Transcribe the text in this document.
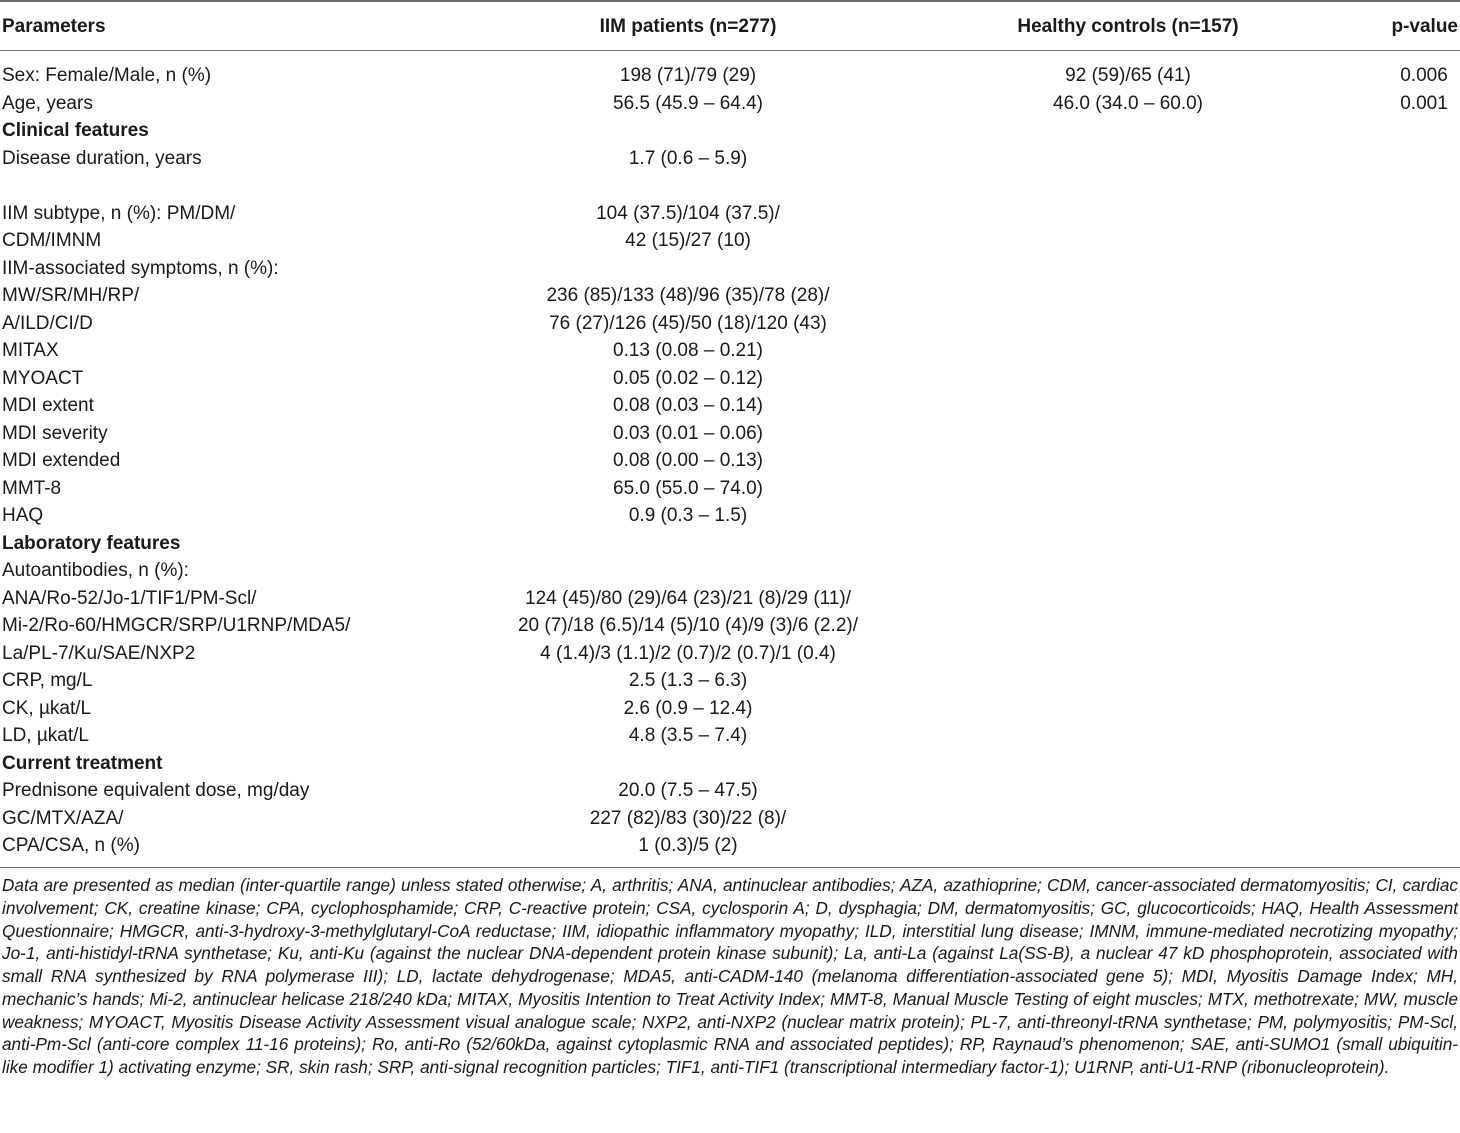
Parameters	IIM patients (n=277)	Healthy controls (n=157)	p-value
Sex: Female/Male, n (%)	198 (71)/79 (29)	92 (59)/65 (41)	0.006
Age, years	56.5 (45.9 – 64.4)	46.0 (34.0 – 60.0)	0.001
Clinical features
Disease duration, years	1.7 (0.6 – 5.9)
IIM subtype, n (%): PM/DM/	104 (37.5)/104 (37.5)/
CDM/IMNM	42 (15)/27 (10)
IIM-associated symptoms, n (%):
MW/SR/MH/RP/	236 (85)/133 (48)/96 (35)/78 (28)/
A/ILD/CI/D	76 (27)/126 (45)/50 (18)/120 (43)
MITAX	0.13 (0.08 – 0.21)
MYOACT	0.05 (0.02 – 0.12)
MDI extent	0.08 (0.03 – 0.14)
MDI severity	0.03 (0.01 – 0.06)
MDI extended	0.08 (0.00 – 0.13)
MMT-8	65.0 (55.0 – 74.0)
HAQ	0.9 (0.3 – 1.5)
Laboratory features
Autoantibodies, n (%):
ANA/Ro-52/Jo-1/TIF1/PM-Scl/	124 (45)/80 (29)/64 (23)/21 (8)/29 (11)/
Mi-2/Ro-60/HMGCR/SRP/U1RNP/MDA5/	20 (7)/18 (6.5)/14 (5)/10 (4)/9 (3)/6 (2.2)/
La/PL-7/Ku/SAE/NXP2	4 (1.4)/3 (1.1)/2 (0.7)/2 (0.7)/1 (0.4)
CRP, mg/L	2.5 (1.3 – 6.3)
CK, µkat/L	2.6 (0.9 – 12.4)
LD, µkat/L	4.8 (3.5 – 7.4)
Current treatment
Prednisone equivalent dose, mg/day	20.0 (7.5 – 47.5)
GC/MTX/AZA/	227 (82)/83 (30)/22 (8)/
CPA/CSA, n (%)	1 (0.3)/5 (2)
Data are presented as median (inter-quartile range) unless stated otherwise; A, arthritis; ANA, antinuclear antibodies; AZA, azathioprine; CDM, cancer-associated dermatomyositis; CI, cardiac involvement; CK, creatine kinase; CPA, cyclophosphamide; CRP, C-reactive protein; CSA, cyclosporin A; D, dysphagia; DM, dermatomyositis; GC, glucocorticoids; HAQ, Health Assessment Questionnaire; HMGCR, anti-3-hydroxy-3-methylglutaryl-CoA reductase; IIM, idiopathic inflammatory myopathy; ILD, interstitial lung disease; IMNM, immune-mediated necrotizing myopathy; Jo-1, anti-histidyl-tRNA synthetase; Ku, anti-Ku (against the nuclear DNA-dependent protein kinase subunit); La, anti-La (against La(SS-B), a nuclear 47 kD phosphoprotein, associated with small RNA synthesized by RNA polymerase III); LD, lactate dehydrogenase; MDA5, anti-CADM-140 (melanoma differentiation-associated gene 5); MDI, Myositis Damage Index; MH, mechanic’s hands; Mi-2, antinuclear helicase 218/240 kDa; MITAX, Myositis Intention to Treat Activity Index; MMT-8, Manual Muscle Testing of eight muscles; MTX, methotrexate; MW, muscle weakness; MYOACT, Myositis Disease Activity Assessment visual analogue scale; NXP2, anti-NXP2 (nuclear matrix protein); PL-7, anti-threonyl-tRNA synthetase; PM, polymyositis; PM-Scl, anti-Pm-Scl (anti-core complex 11-16 proteins); Ro, anti-Ro (52/60kDa, against cytoplasmic RNA and associated peptides); RP, Raynaud’s phenomenon; SAE, anti-SUMO1 (small ubiquitin-like modifier 1) activating enzyme; SR, skin rash; SRP, anti-signal recognition particles; TIF1, anti-TIF1 (transcriptional intermediary factor-1); U1RNP, anti-U1-RNP (ribonucleoprotein).
